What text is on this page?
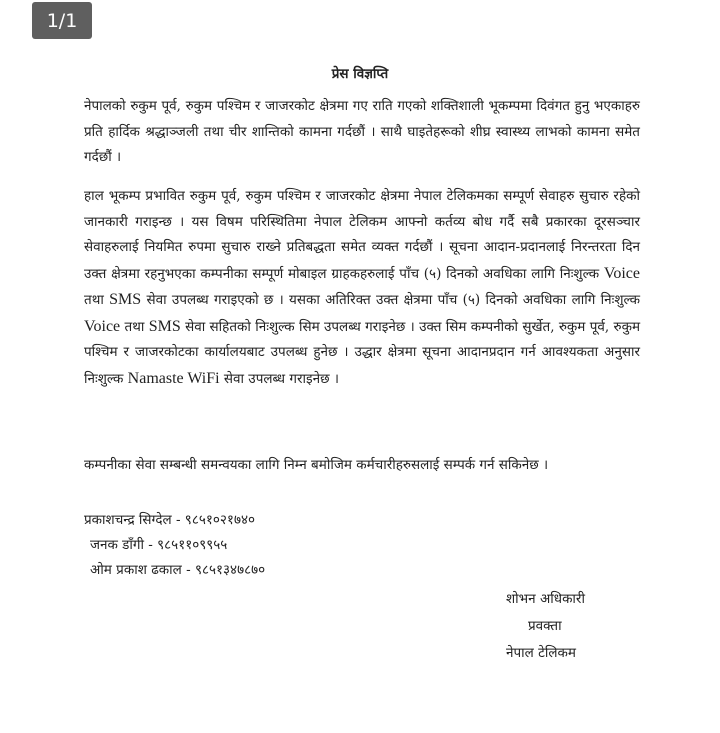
1/1
प्रेस विज्ञप्ति

नेपालको रुकुम पूर्व, रुकुम पश्चिम र जाजरकोट क्षेत्रमा गए राति गएको शक्तिशाली भूकम्पमा दिवंगत हुनु भएकाहरु प्रति हार्दिक श्रद्धाञ्जली तथा चीर शान्तिको कामना गर्दछौं । साथै घाइतेहरूको शीघ्र स्वास्थ्य लाभको कामना समेत गर्दछौं ।

हाल भूकम्प प्रभावित रुकुम पूर्व, रुकुम पश्चिम र जाजरकोट क्षेत्रमा नेपाल टेलिकमका सम्पूर्ण सेवाहरु सुचारु रहेको जानकारी गराइन्छ । यस विषम परिस्थितिमा नेपाल टेलिकम आफ्नो कर्तव्य बोध गर्दै सबै प्रकारका दूरसञ्चार सेवाहरुलाई नियमित रुपमा सुचारु राख्ने प्रतिबद्धता समेत व्यक्त गर्दछौं । सूचना आदान-प्रदानलाई निरन्तरता दिन उक्त क्षेत्रमा रहनुभएका कम्पनीका सम्पूर्ण मोबाइल ग्राहकहरुलाई पाँच (५) दिनको अवधिका लागि निःशुल्क Voice तथा SMS सेवा उपलब्ध गराइएको छ । यसका अतिरिक्त उक्त क्षेत्रमा पाँच (५) दिनको अवधिका लागि निःशुल्क Voice तथा SMS सेवा सहितको निःशुल्क सिम उपलब्ध गराइनेछ । उक्त सिम कम्पनीको सुर्खेत, रुकुम पूर्व, रुकुम पश्चिम र जाजरकोटका कार्यालयबाट उपलब्ध हुनेछ । उद्धार क्षेत्रमा सूचना आदानप्रदान गर्न आवश्यकता अनुसार निःशुल्क Namaste WiFi सेवा उपलब्ध गराइनेछ ।

कम्पनीका सेवा सम्बन्धी समन्वयका लागि निम्न बमोजिम कर्मचारीहरुसलाई सम्पर्क गर्न सकिनेछ ।

प्रकाशचन्द्र सिग्देल - ९८५१०२१७४०
जनक डाँगी - ९८५११०९९५५
ओम प्रकाश ढकाल - ९८५१३४७८७०
शोभन अधिकारी
प्रवक्ता
नेपाल टेलिकम
